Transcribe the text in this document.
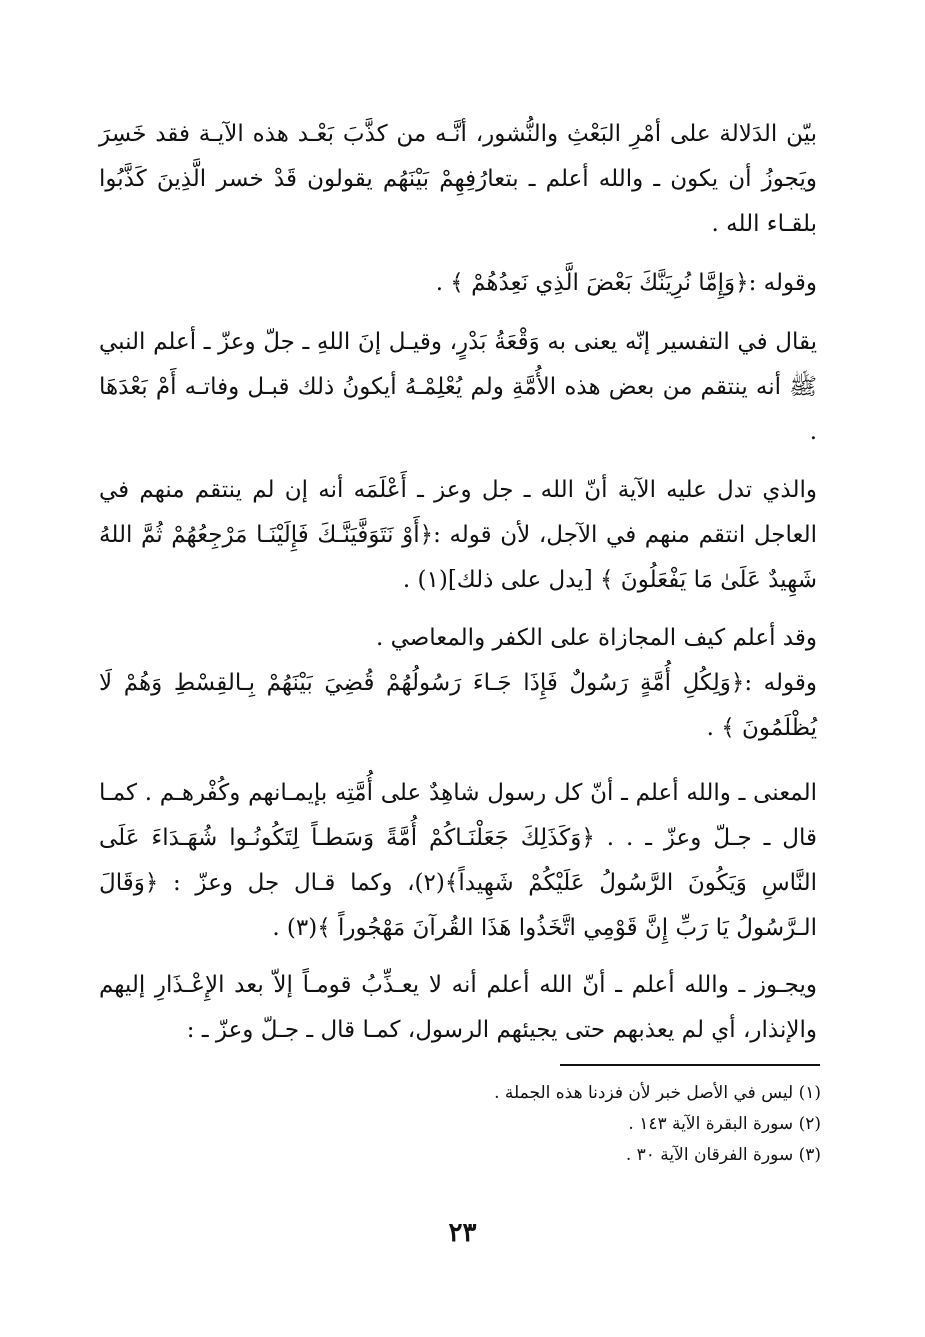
بيّن الدَلالة على أمْرِ البَعْثِ والنُّشور، أنَّـه من كذَّبَ بَعْـد هذه الآيـة فقد خَسِرَ ويَجوزُ أن يكون ـ والله أعلم ـ بتعارُفِهِمْ بَيْنَهُم يقولون قَدْ خسر الَّذِينَ كَذَّبُوا بلقـاء الله .

وقوله :﴿وَإِمَّا نُرِيَنَّكَ بَعْضَ الَّذِي نَعِدُهُمْ ﴾ .

يقال في التفسير إنّه يعنى به وَقْعَةُ بَدْرٍ، وقيـل إنَ اللهِ ـ جلّ وعزّ ـ أعلم النبي ﷺ أنه ينتقم من بعض هذه الأُمَّةِ ولم يُعْلِمْـهُ أيكونُ ذلك قبـل وفاتـه أَمْ بَعْدَهَا .

والذي تدل عليه الآية أنّ الله ـ جل وعز ـ أَعْلَمَه أنه إن لم ينتقم منهم في العاجل انتقم منهم في الآجل، لأن قوله :﴿أَوْ نَتَوَفَّيَنَّـكَ فَإِلَيْنَـا مَرْجِعُهُمْ ثُمَّ اللهُ شَهِيدٌ عَلَىٰ مَا يَفْعَلُونَ ﴾ [يدل على ذلك](١) .

وقد أعلم كيف المجازاة على الكفر والمعاصي .

وقوله :﴿وَلِكُلِ أُمَّةٍ رَسُولٌ فَإِذَا جَـاءَ رَسُولُهُمْ قُضِيَ بَيْنَهُمْ بِـالقِسْطِ وَهُمْ لَا يُظْلَمُونَ ﴾ .

المعنى ـ والله أعلم ـ أنّ كل رسول شاهِدٌ على أُمَّتِه بإيمـانهم وكُفْرهـم . كمـا قال ـ جـلّ وعزّ ـ . . ﴿وَكَذَلِكَ جَعَلْنَـاكُمْ أُمَّةً وَسَطـاً لِتَكُونُـوا شُهَـدَاءَ عَلَى النَّاسِ وَيَكُونَ الرَّسُولُ عَلَيْكُمْ شَهِيداً﴾(٢)، وكما قـال جل وعزّ : ﴿وَقَالَ الـرَّسُولُ يَا رَبِّ إِنَّ قَوْمِي اتَّخَذُوا هَذَا القُرآنَ مَهْجُوراً ﴾(٣) .

ويجـوز ـ والله أعلم ـ أنّ الله أعلم أنه لا يعـذِّبُ قومـاً إلاّ بعد الإِعْـذَارِ إليهم والإنذار، أي لم يعذبهم حتى يجيئهم الرسول، كمـا قال ـ جـلّ وعزّ ـ :

(١) ليس في الأصل خبر لأن فزدنا هذه الجملة .

(٢) سورة البقرة الآية ١٤٣ .

(٣) سورة الفرقان الآية ٣٠ .

٢٣
